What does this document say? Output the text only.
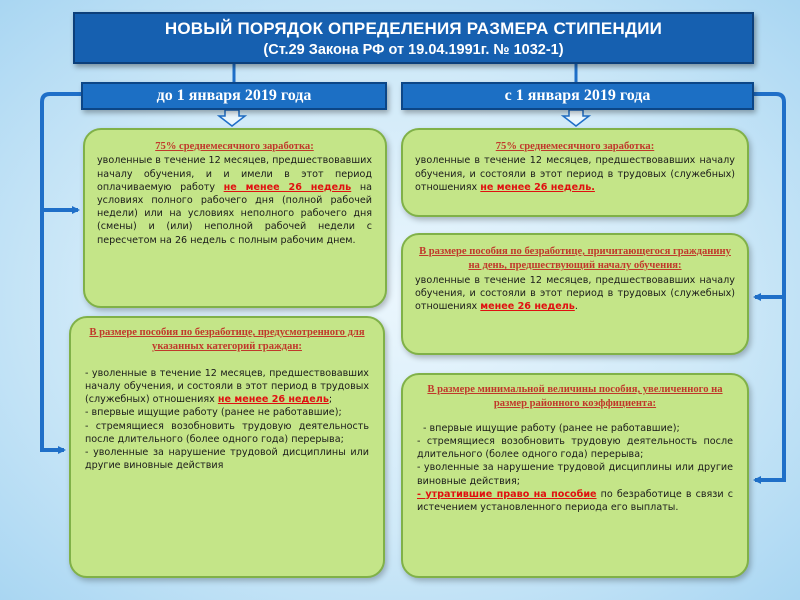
НОВЫЙ ПОРЯДОК ОПРЕДЕЛЕНИЯ РАЗМЕРА СТИПЕНДИИ
(Ст.29 Закона РФ от 19.04.1991г. № 1032-1)
до 1 января 2019 года	с 1 января 2019 года
75% среднемесячного заработка:
уволенные в течение 12 месяцев, предшествовавших началу обучения, и и имели в этот период оплачиваемую работу не менее 26 недель на условиях полного рабочего дня (полной рабочей недели) или на условиях неполного рабочего дня (смены) и (или) неполной рабочей недели с пересчетом на 26 недель с полным рабочим днем.
В размере пособия по безработице, предусмотренного для указанных категорий граждан:
- уволенные в течение 12 месяцев, предшествовавших началу обучения, и состояли в этот период в трудовых (служебных) отношениях не менее 26 недель;
- впервые ищущие работу (ранее не работавшие);
- стремящиеся возобновить трудовую деятельность после длительного (более одного года) перерыва;
- уволенные за нарушение трудовой дисциплины или другие виновные действия
75% среднемесячного заработка:
уволенные в течение 12 месяцев, предшествовавших началу обучения, и состояли в этот период в трудовых (служебных) отношениях не менее 26 недель.
В размере пособия по безработице, причитающегося гражданину на день, предшествующий началу обучения:
уволенные в течение 12 месяцев, предшествовавших началу обучения, и состояли в этот период в трудовых (служебных) отношениях менее 26 недель.
В размере минимальной величины пособия, увеличенного на размер районного коэффициента:
- впервые ищущие работу (ранее не работавшие);
- стремящиеся возобновить трудовую деятельность после длительного (более одного года) перерыва;
- уволенные за нарушение трудовой дисциплины или другие виновные действия;
- утратившие право на пособие по безработице в связи с истечением установленного периода его выплаты.
